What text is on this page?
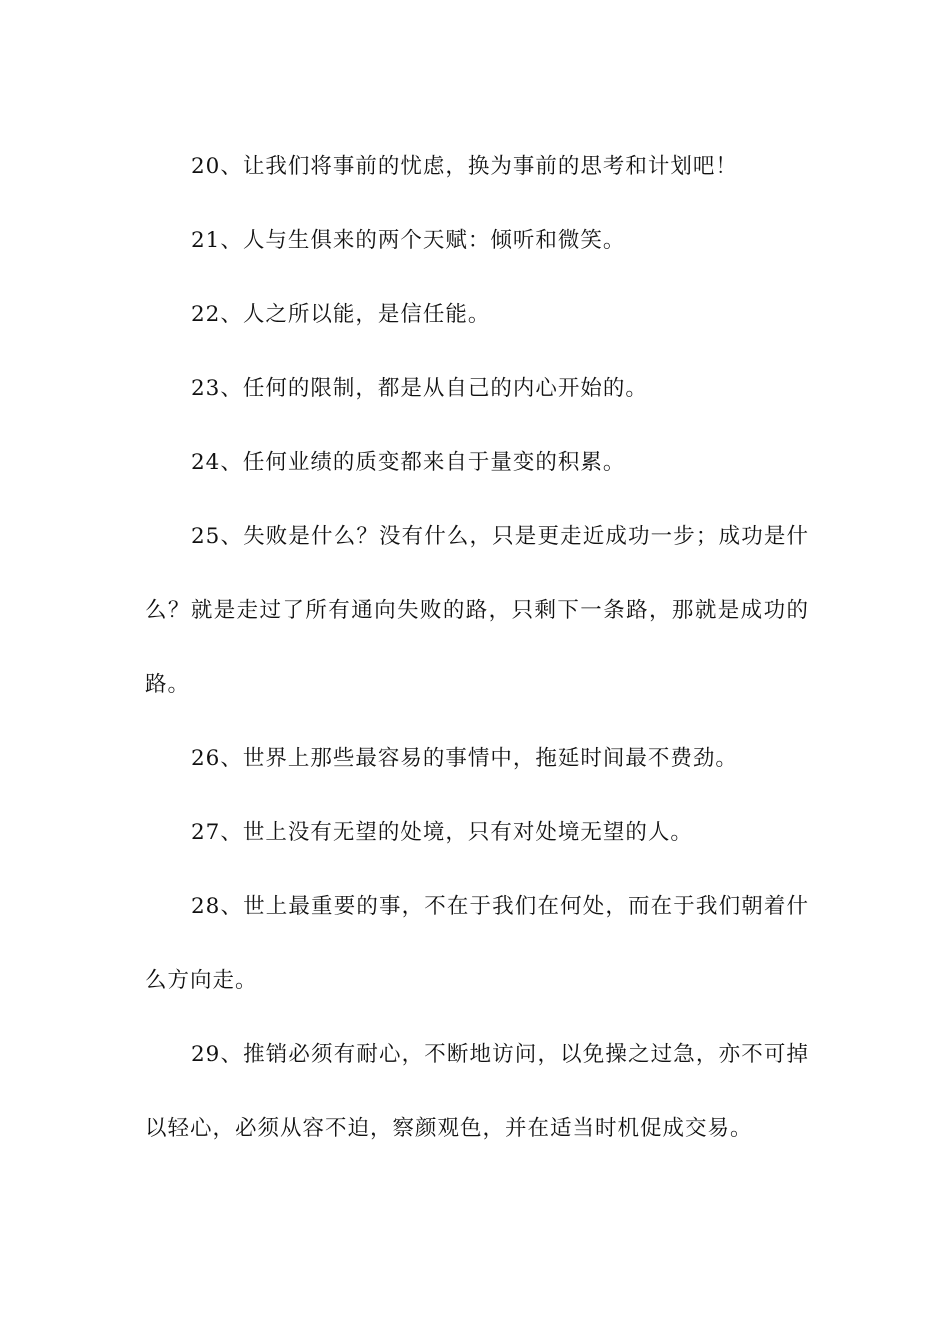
20、让我们将事前的忧虑，换为事前的思考和计划吧！

21、人与生俱来的两个天赋：倾听和微笑。

22、人之所以能，是信任能。

23、任何的限制，都是从自己的内心开始的。

24、任何业绩的质变都来自于量变的积累。

25、失败是什么？没有什么，只是更走近成功一步；成功是什么？就是走过了所有通向失败的路，只剩下一条路，那就是成功的路。

26、世界上那些最容易的事情中，拖延时间最不费劲。

27、世上没有无望的处境，只有对处境无望的人。

28、世上最重要的事，不在于我们在何处，而在于我们朝着什么方向走。

29、推销必须有耐心，不断地访问，以免操之过急，亦不可掉以轻心，必须从容不迫，察颜观色，并在适当时机促成交易。
